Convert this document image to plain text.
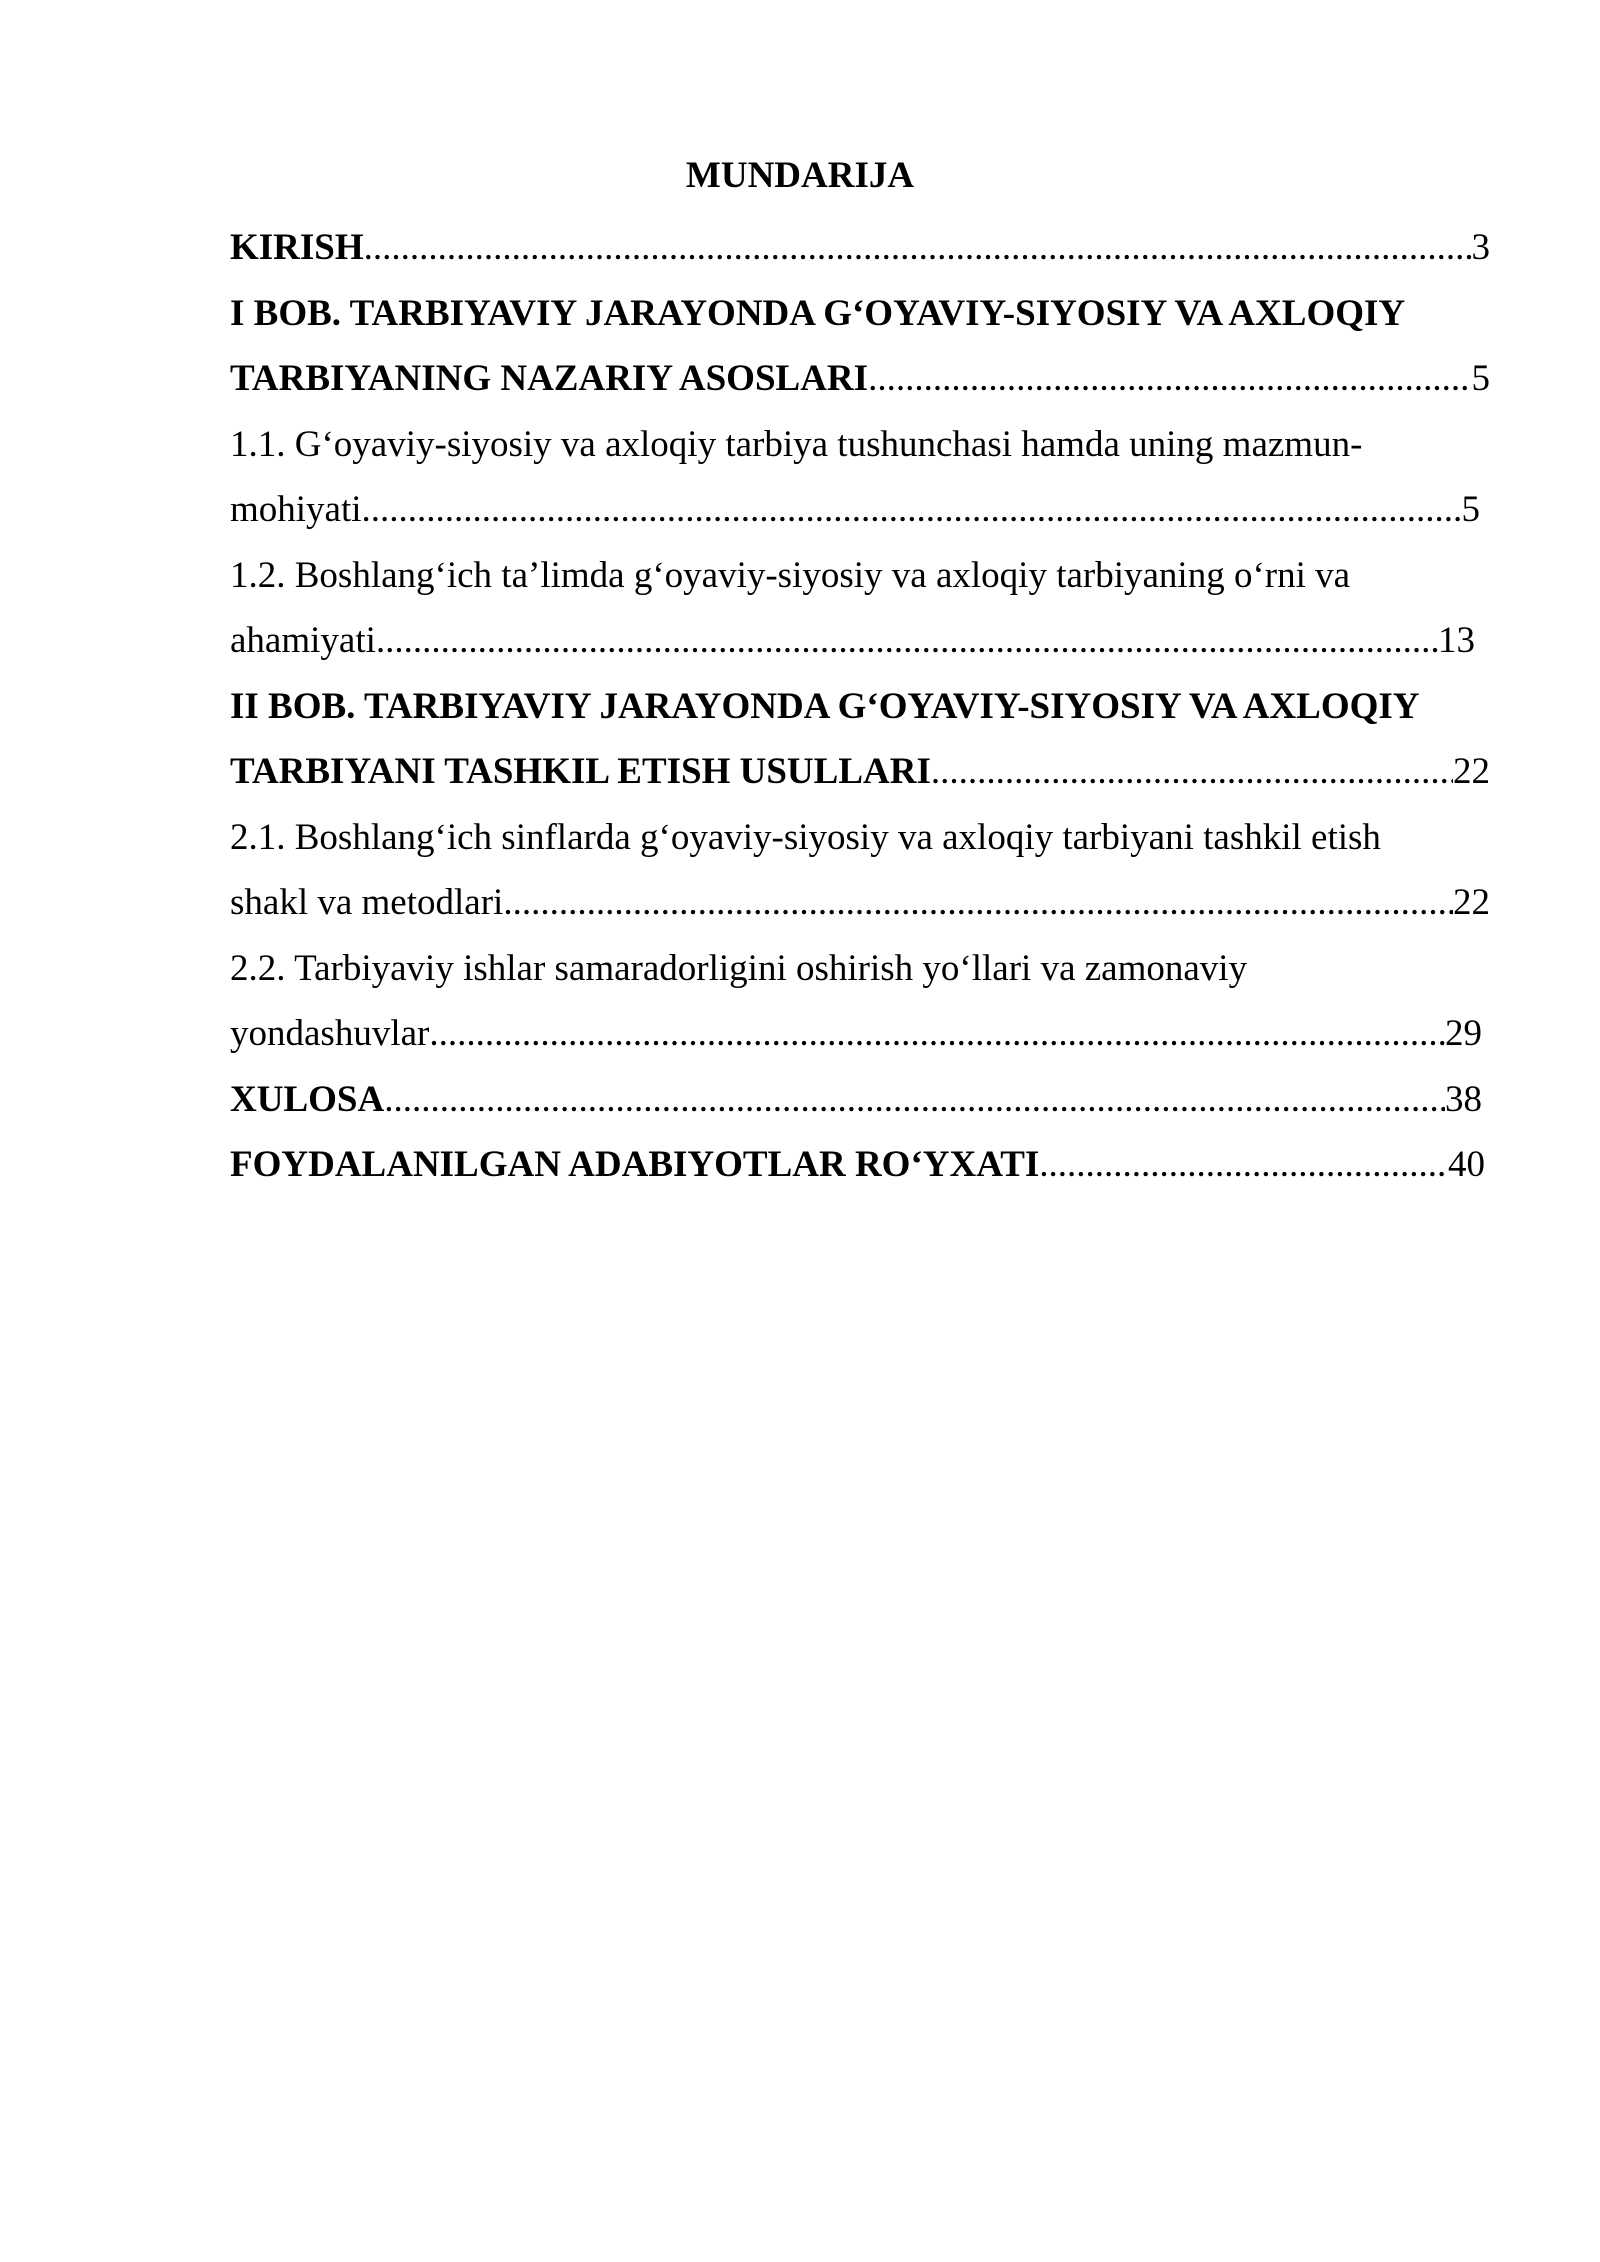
MUNDARIJA
KIRISH .....	3
I BOB. TARBIYAVIY JARAYONDA G‘OYAVIY-SIYOSIY VA AXLOQIY
TARBIYANING NAZARIY ASOSLARI .....	5
1.1. G‘oyaviy-siyosiy va axloqiy tarbiya tushunchasi hamda uning mazmun-
mohiyati .....	5
1.2. Boshlang‘ich ta’limda g‘oyaviy-siyosiy va axloqiy tarbiyaning o‘rni va
ahamiyati .....	13
II BOB. TARBIYAVIY JARAYONDA G‘OYAVIY-SIYOSIY VA AXLOQIY
TARBIYANI TASHKIL ETISH USULLARI .....	22
2.1. Boshlang‘ich sinflarda g‘oyaviy-siyosiy va axloqiy tarbiyani tashkil etish
shakl va metodlari .....	22
2.2. Tarbiyaviy ishlar samaradorligini oshirish yo‘llari va zamonaviy
yondashuvlar .....	29
XULOSA .....	38
FOYDALANILGAN ADABIYOTLAR RO‘YXATI .....	40
